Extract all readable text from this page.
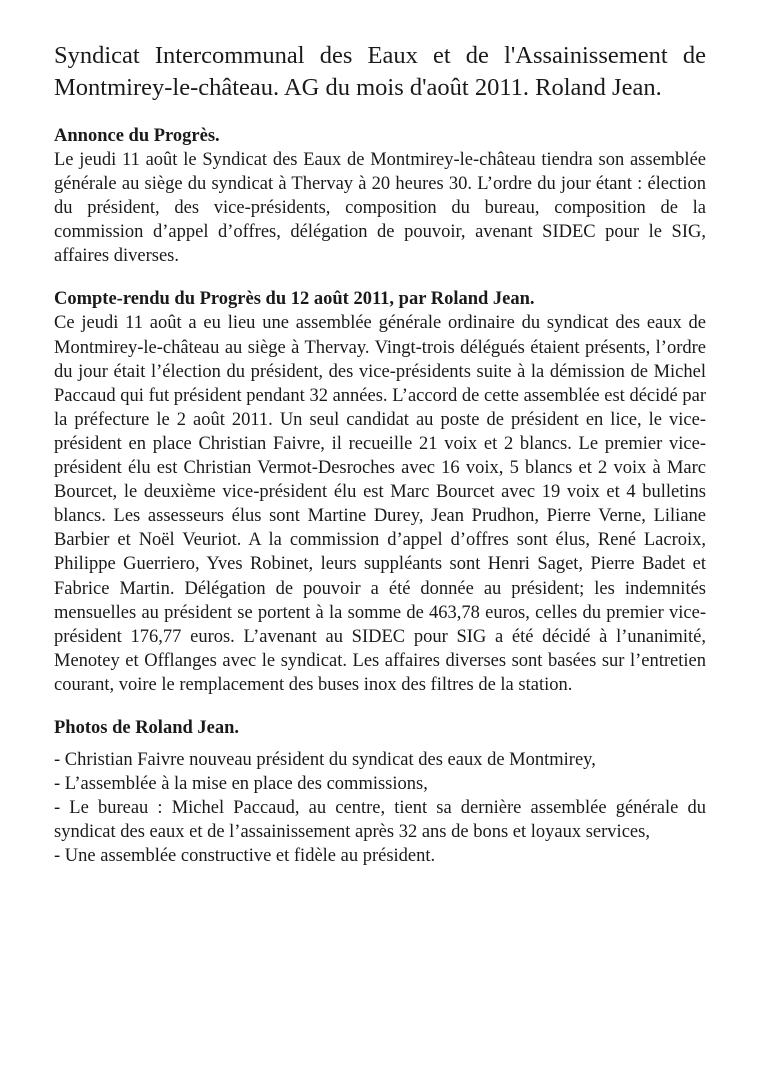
Syndicat Intercommunal des Eaux et de l'Assainissement de Montmirey-le-château. AG du mois d'août 2011. Roland Jean.

Annonce du Progrès.

Le jeudi 11 août le Syndicat des Eaux de Montmirey-le-château tiendra son assemblée générale au siège du syndicat à Thervay à 20 heures 30. L’ordre du jour étant : élection du président, des vice-présidents, composition du bureau, composition de la commission d’appel d’offres, délégation de pouvoir, avenant SIDEC pour le SIG, affaires diverses.

Compte-rendu du Progrès du 12 août 2011, par Roland Jean.

Ce jeudi 11 août a eu lieu une assemblée générale ordinaire du syndicat des eaux de Montmirey-le-château au siège à Thervay. Vingt-trois délégués étaient présents, l’ordre du jour était l’élection du président, des vice-présidents suite à la démission de Michel Paccaud qui fut président pendant 32 années. L’accord de cette assemblée est décidé par la préfecture le 2 août 2011. Un seul candidat au poste de président en lice, le vice-président en place Christian Faivre, il recueille 21 voix et 2 blancs. Le premier vice-président élu est Christian Vermot-Desroches avec 16 voix, 5 blancs et 2 voix à Marc Bourcet, le deuxième vice-président élu est Marc Bourcet avec 19 voix et 4 bulletins blancs. Les assesseurs élus sont Martine Durey, Jean Prudhon, Pierre Verne, Liliane Barbier et Noël Veuriot. A la commission d’appel d’offres sont élus, René Lacroix, Philippe Guerriero, Yves Robinet, leurs suppléants sont Henri Saget, Pierre Badet et Fabrice Martin. Délégation de pouvoir a été donnée au président; les indemnités mensuelles au président se portent à la somme de 463,78 euros, celles du premier vice-président 176,77 euros. L’avenant au SIDEC pour SIG a été décidé à l’unanimité, Menotey et Offlanges avec le syndicat. Les affaires diverses sont basées sur l’entretien courant, voire le remplacement des buses inox des filtres de la station.

Photos de Roland Jean.

- Christian Faivre nouveau président du syndicat des eaux de Montmirey,

- L’assemblée à la mise en place des commissions,

- Le bureau : Michel Paccaud, au centre, tient sa dernière assemblée générale du syndicat des eaux et de l’assainissement après 32 ans de bons et loyaux services,

- Une assemblée constructive et fidèle au président.
